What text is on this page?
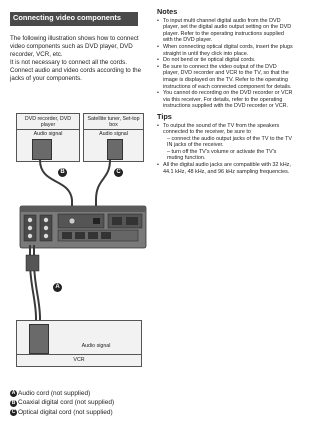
Connecting video components

The following illustration shows how to connect video components such as DVD player, DVD recorder, VCR, etc.

It is not necessary to connect all the cords. Connect audio and video cords according to the jacks of your components.

DVD recorder, DVD player
Audio signal
Satellite tuner, Set-top box
Audio signal
Audio signal
VCR
B	C
A
A Audio cord (not supplied)
B Coaxial digital cord (not supplied)
C Optical digital cord (not supplied)
Notes
• To input multi channel digital audio from the DVD player, set the digital audio output setting on the DVD player. Refer to the operating instructions supplied with the DVD player.
• When connecting optical digital cords, insert the plugs straight in until they click into place.
• Do not bend or tie optical digital cords.
• Be sure to connect the video output of the DVD player, DVD recorder and VCR to the TV, so that the image is displayed on the TV. Refer to the operating instructions of each connected component for details.
• You cannot do recording on the DVD recorder or VCR via this receiver. For details, refer to the operating instructions supplied with the DVD recorder or VCR.
Tips
• To output the sound of the TV from the speakers connected to the receiver, be sure to
– connect the audio output jacks of the TV to the TV IN jacks of the receiver.
– turn off the TV's volume or activate the TV's muting function.
• All the digital audio jacks are compatible with 32 kHz, 44.1 kHz, 48 kHz, and 96 kHz sampling frequencies.
